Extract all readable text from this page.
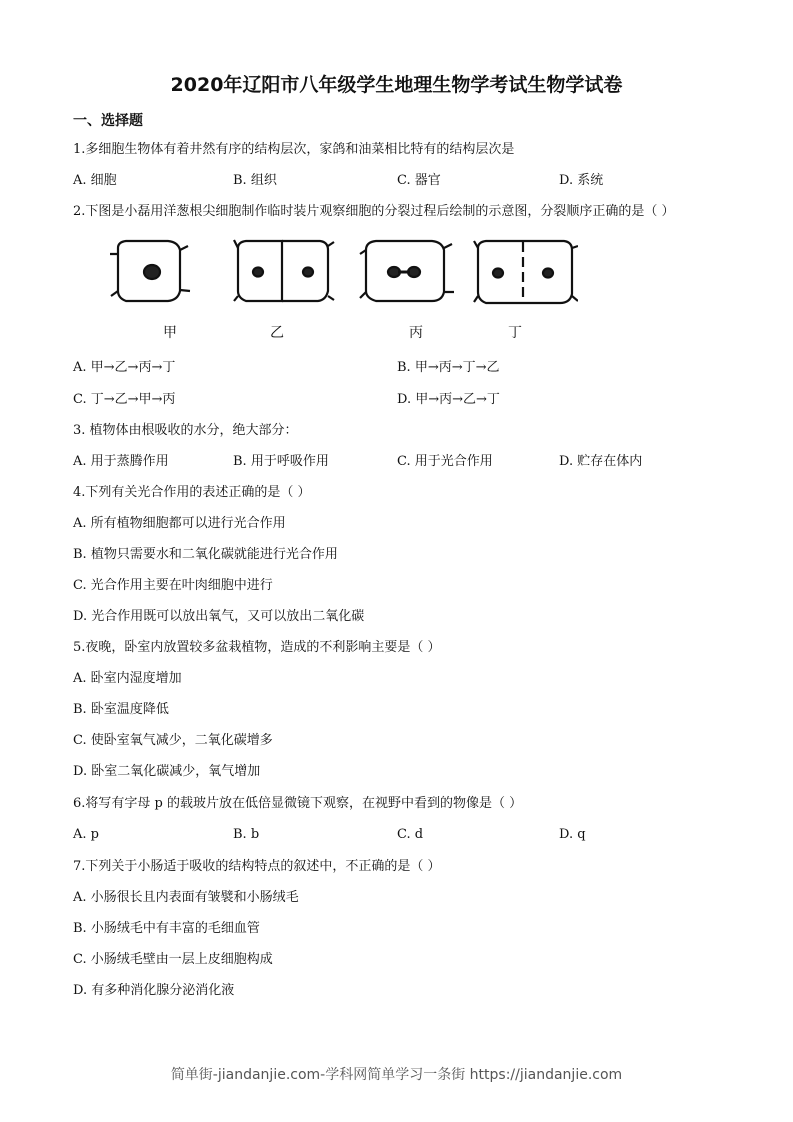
2020年辽阳市八年级学生地理生物学考试生物学试卷
一、选择题
甲	乙	丙	丁
1.多细胞生物体有着井然有序的结构层次，家鸽和油菜相比特有的结构层次是
A. 细胞	B. 组织	C. 器官	D. 系统
2.下图是小磊用洋葱根尖细胞制作临时装片观察细胞的分裂过程后绘制的示意图，分裂顺序正确的是（ ）
A. 甲→乙→丙→丁	B. 甲→丙→丁→乙
C. 丁→乙→甲→丙	D. 甲→丙→乙→丁
3. 植物体由根吸收的水分，绝大部分：
A. 用于蒸腾作用	B. 用于呼吸作用	C. 用于光合作用	D. 贮存在体内
4.下列有关光合作用的表述正确的是（ ）
A. 所有植物细胞都可以进行光合作用
B. 植物只需要水和二氧化碳就能进行光合作用
C. 光合作用主要在叶肉细胞中进行
D. 光合作用既可以放出氧气，又可以放出二氧化碳
5.夜晚，卧室内放置较多盆栽植物，造成的不利影响主要是（ ）
A. 卧室内湿度增加
B. 卧室温度降低
C. 使卧室氧气减少，二氧化碳增多
D. 卧室二氧化碳减少，氧气增加
6.将写有字母 p 的载玻片放在低倍显微镜下观察，在视野中看到的物像是（ ）
A. p	B. b	C. d	D. q
7.下列关于小肠适于吸收的结构特点的叙述中，不正确的是（ ）
A. 小肠很长且内表面有皱襞和小肠绒毛
B. 小肠绒毛中有丰富的毛细血管
C. 小肠绒毛壁由一层上皮细胞构成
D. 有多种消化腺分泌消化液
简单街-jiandanjie.com-学科网简单学习一条街 https://jiandanjie.com
